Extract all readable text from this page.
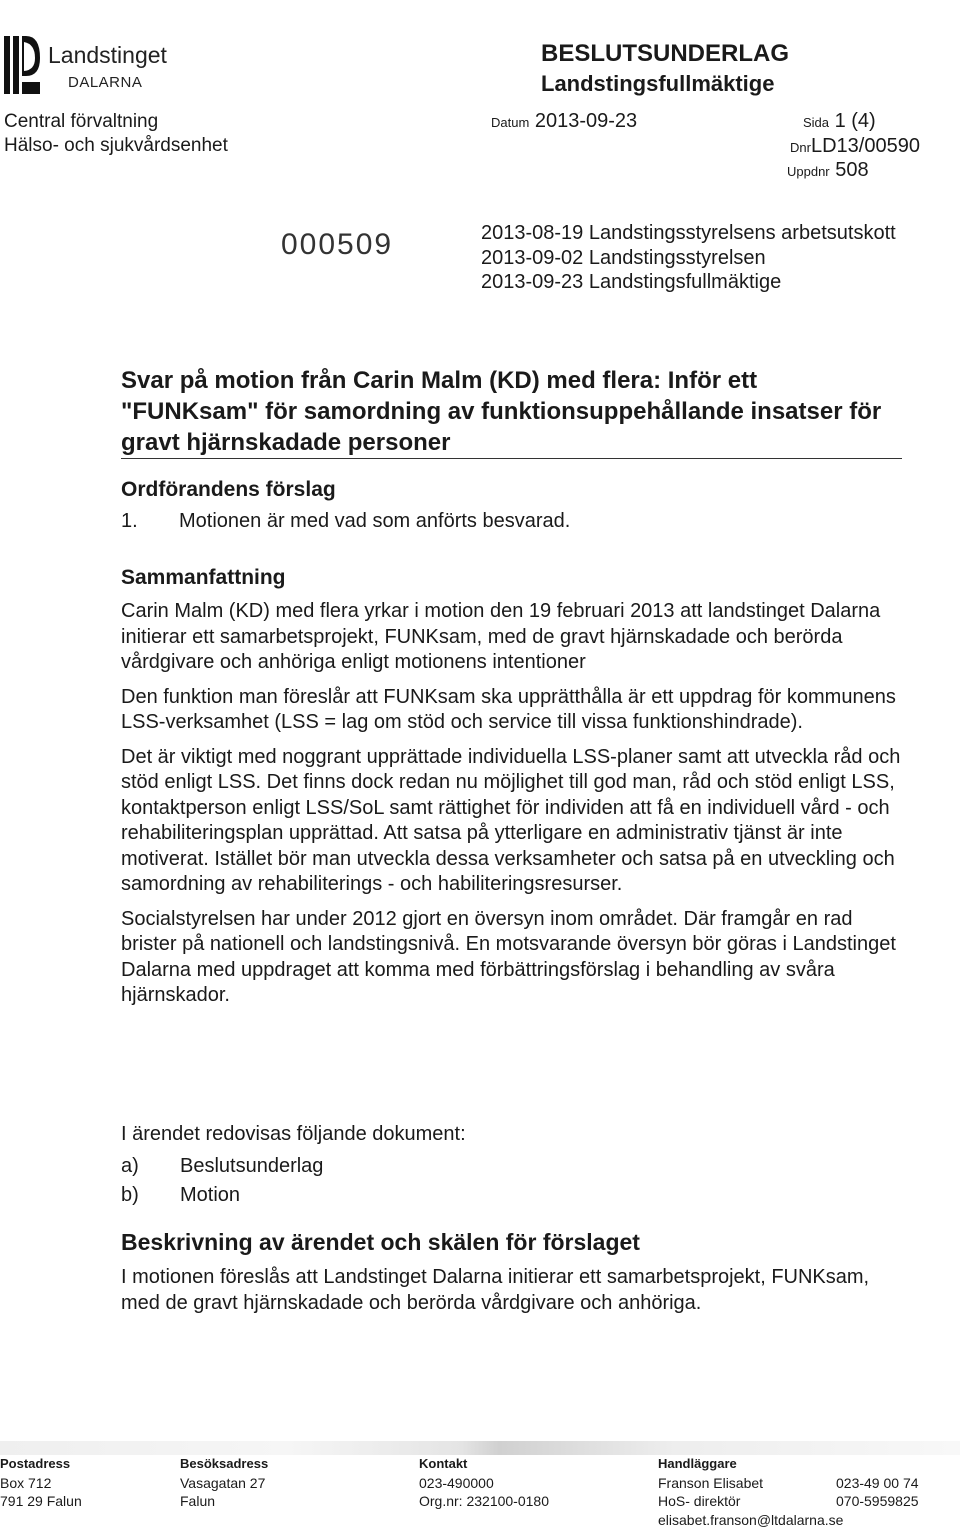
Landstinget
DALARNA
Central förvaltning
Hälso- och sjukvårdsenhet
BESLUTSUNDERLAG
Landstingsfullmäktige
Datum 2013-09-23	Sida 1 (4)
DnrLD13/00590
Uppdnr 508
000509	2013-08-19 Landstingsstyrelsens arbetsutskott
2013-09-02 Landstingsstyrelsen
2013-09-23 Landstingsfullmäktige
Svar på motion från Carin Malm (KD) med flera: Inför ett "FUNKsam" för samordning av funktionsuppehållande insatser för gravt hjärnskadade personer
Ordförandens förslag
1. Motionen är med vad som anförts besvarad.
Sammanfattning

Carin Malm (KD) med flera yrkar i motion den 19 februari 2013 att landstinget Dalarna initierar ett samarbetsprojekt, FUNKsam, med de gravt hjärnskadade och berörda vårdgivare och anhöriga enligt motionens intentioner

Den funktion man föreslår att FUNKsam ska upprätthålla är ett uppdrag för kommunens LSS-verksamhet (LSS = lag om stöd och service till vissa funktionshindrade).

Det är viktigt med noggrant upprättade individuella LSS-planer samt att utveckla råd och stöd enligt LSS. Det finns dock redan nu möjlighet till god man, råd och stöd enligt LSS, kontaktperson enligt LSS/SoL samt rättighet för individen att få en individuell vård - och rehabiliteringsplan upprättad. Att satsa på ytterligare en administrativ tjänst är inte motiverat. Istället bör man utveckla dessa verksamheter och satsa på en utveckling och samordning av rehabiliterings - och habiliteringsresurser.

Socialstyrelsen har under 2012 gjort en översyn inom området. Där framgår en rad brister på nationell och landstingsnivå. En motsvarande översyn bör göras i Landstinget Dalarna med uppdraget att komma med förbättringsförslag i behandling av svåra hjärnskador.

I ärendet redovisas följande dokument:
a) Beslutsunderlag
b) Motion
Beskrivning av ärendet och skälen för förslaget

I motionen föreslås att Landstinget Dalarna initierar ett samarbetsprojekt, FUNKsam, med de gravt hjärnskadade och berörda vårdgivare och anhöriga.

Postadress
Box 712
791 29 Falun
Besöksadress
Vasagatan 27
Falun
Kontakt
023-490000
Org.nr: 232100-0180
Handläggare
Franson Elisabet
HoS- direktör
elisabet.franson@ltdalarna.se

023-49 00 74
070-5959825
